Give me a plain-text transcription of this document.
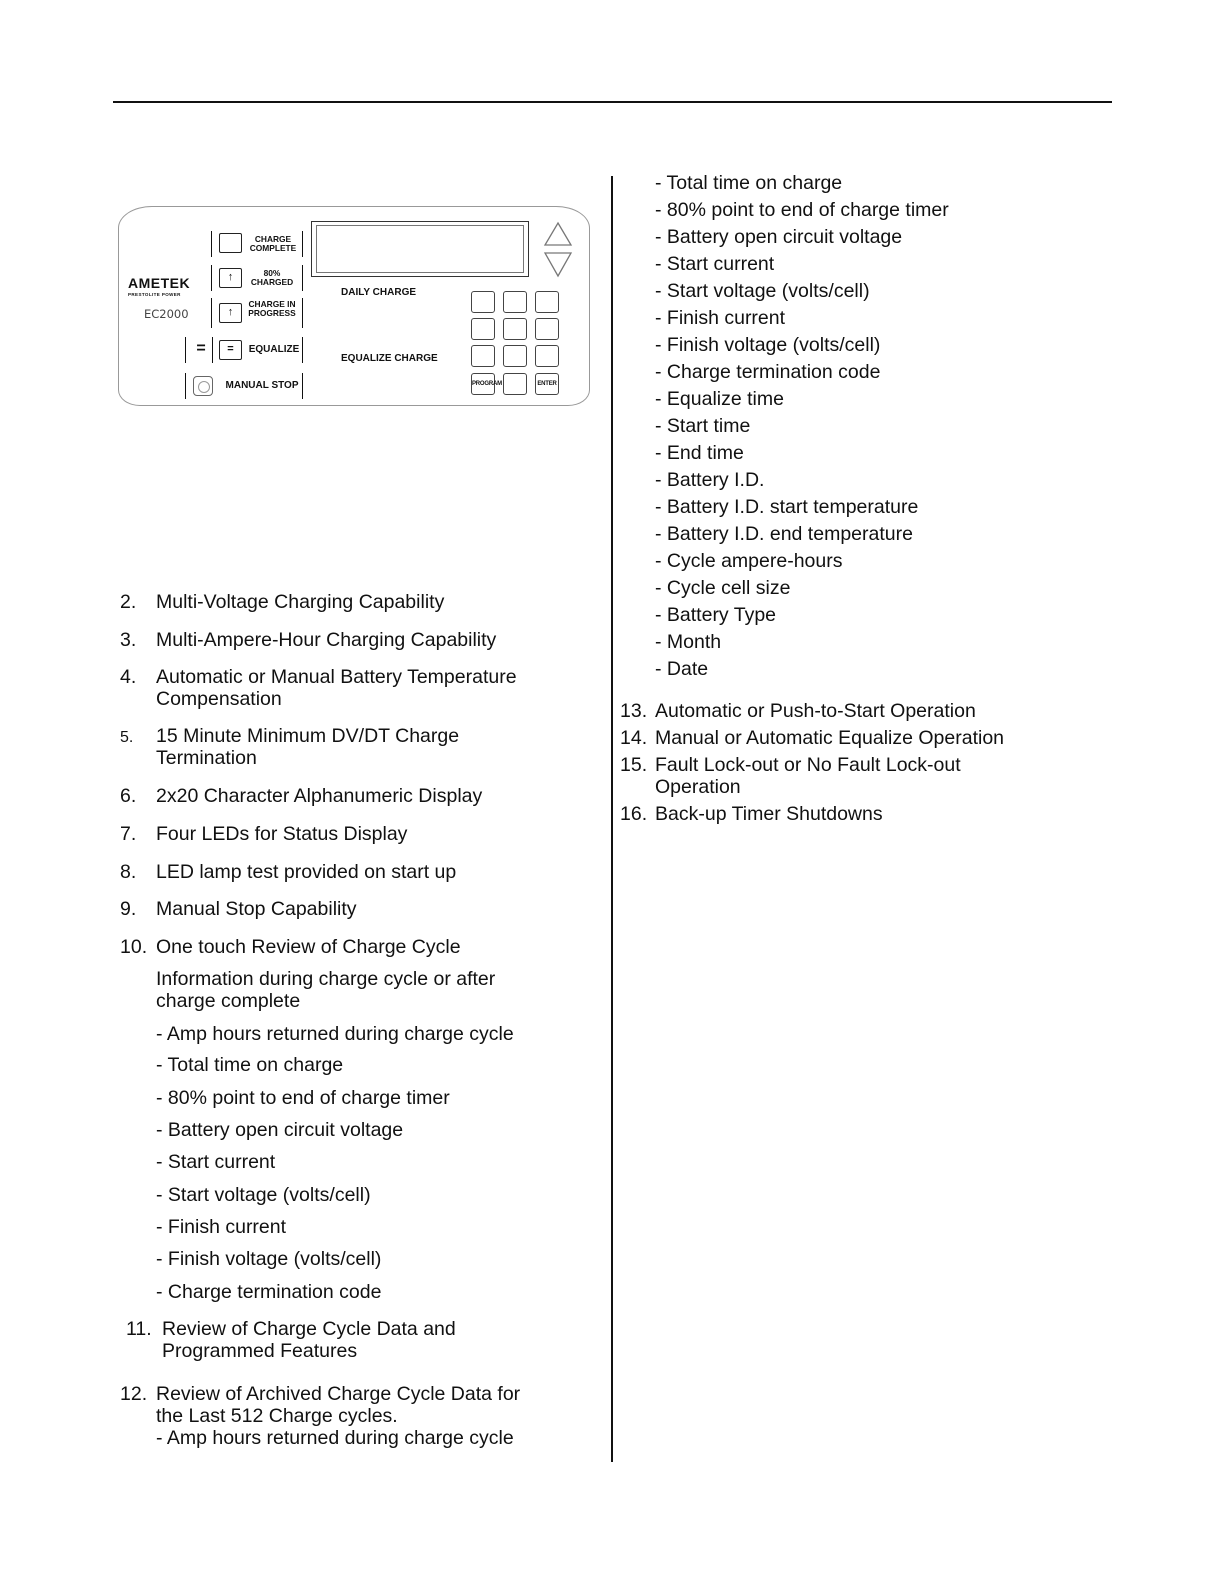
AMETEK
PRESTOLITE POWER
EC2000
CHARGE COMPLETE
↑	80% CHARGED
↑
CHARGE IN PROGRESS
=	=	EQUALIZE
MANUAL STOP
DAILY CHARGE
EQUALIZE CHARGE
PROGRAM	ENTER
2. Multi-Voltage Charging Capability
3. Multi-Ampere-Hour Charging Capability
4. Automatic or Manual Battery Temperature
Compensation
5. 15 Minute Minimum DV/DT Charge
Termination
6. 2x20 Character Alphanumeric Display
7. Four LEDs for Status Display
8. LED lamp test provided on start up
9. Manual Stop Capability
10. One touch Review of Charge Cycle
Information during charge cycle or after
charge complete
- Amp hours returned during charge cycle
- Total time on charge
- 80% point to end of charge timer
- Battery open circuit voltage
- Start current
- Start voltage (volts/cell)
- Finish current
- Finish voltage (volts/cell)
- Charge termination code
11. Review of Charge Cycle Data and
Programmed Features
12. Review of Archived Charge Cycle Data for
the Last 512 Charge cycles.
- Amp hours returned during charge cycle
- Total time on charge
- 80% point to end of charge timer
- Battery open circuit voltage
- Start current
- Start voltage (volts/cell)
- Finish current
- Finish voltage (volts/cell)
- Charge termination code
- Equalize time
- Start time
- End time
- Battery I.D.
- Battery I.D. start temperature
- Battery I.D. end temperature
- Cycle ampere-hours
- Cycle cell size
- Battery Type
- Month
- Date
13. Automatic or Push-to-Start Operation
14. Manual or Automatic Equalize Operation
15. Fault Lock-out or No Fault Lock-out
Operation
16. Back-up Timer Shutdowns
